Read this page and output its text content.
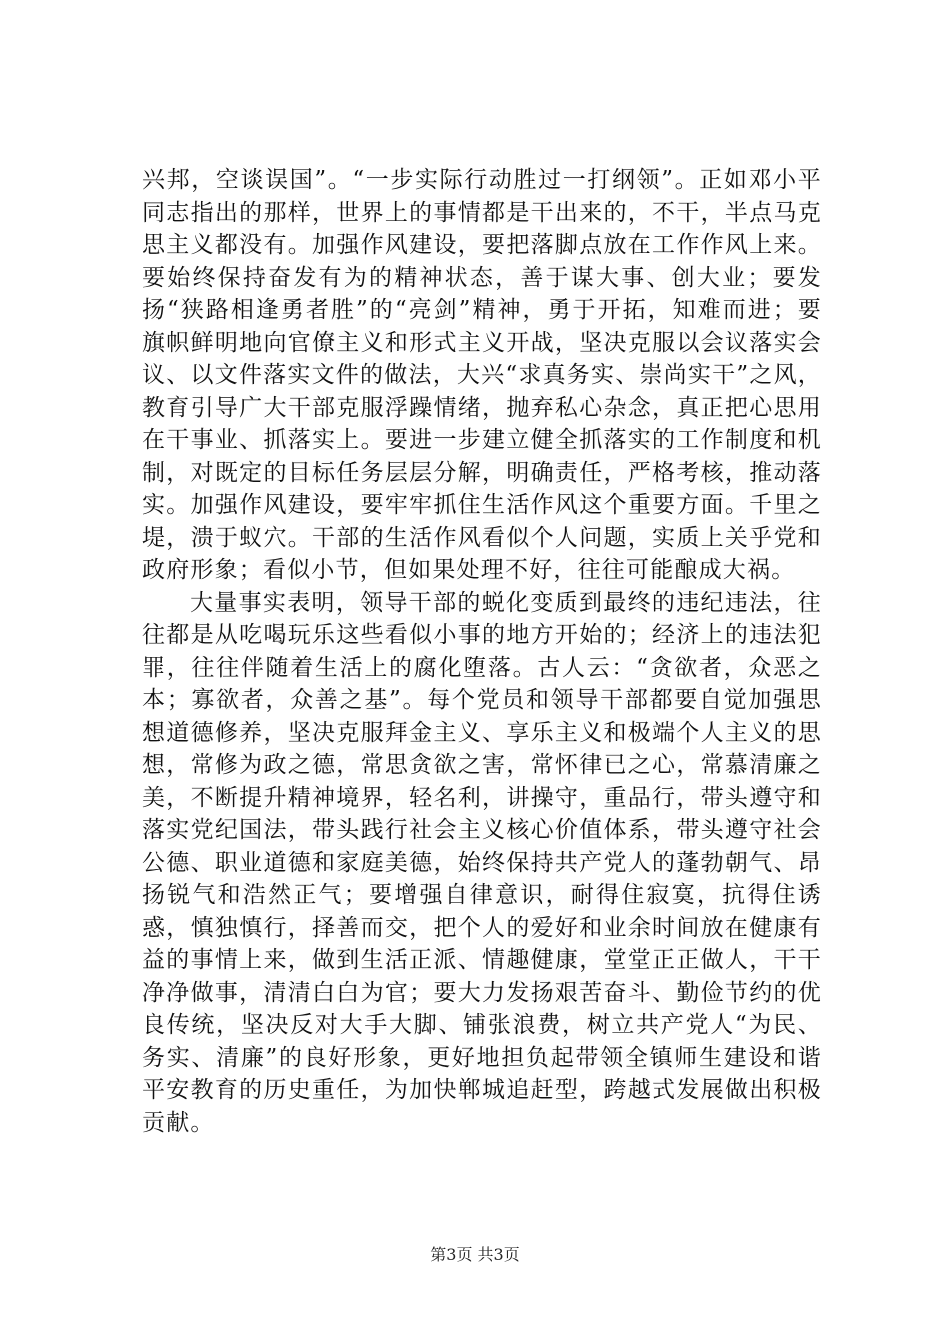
兴邦，空谈误国”。“一步实际行动胜过一打纲领”。正如邓小平同志指出的那样，世界上的事情都是干出来的，不干，半点马克思主义都没有。加强作风建设，要把落脚点放在工作作风上来。要始终保持奋发有为的精神状态，善于谋大事、创大业；要发扬“狭路相逢勇者胜”的“亮剑”精神，勇于开拓，知难而进；要旗帜鲜明地向官僚主义和形式主义开战，坚决克服以会议落实会议、以文件落实文件的做法，大兴“求真务实、崇尚实干”之风，教育引导广大干部克服浮躁情绪，抛弃私心杂念，真正把心思用在干事业、抓落实上。要进一步建立健全抓落实的工作制度和机制，对既定的目标任务层层分解，明确责任，严格考核，推动落实。加强作风建设，要牢牢抓住生活作风这个重要方面。千里之堤，溃于蚁穴。干部的生活作风看似个人问题，实质上关乎党和政府形象；看似小节，但如果处理不好，往往可能酿成大祸。

大量事实表明，领导干部的蜕化变质到最终的违纪违法，往往都是从吃喝玩乐这些看似小事的地方开始的；经济上的违法犯罪，往往伴随着生活上的腐化堕落。古人云：“贪欲者，众恶之本；寡欲者，众善之基”。每个党员和领导干部都要自觉加强思想道德修养，坚决克服拜金主义、享乐主义和极端个人主义的思想，常修为政之德，常思贪欲之害，常怀律已之心，常慕清廉之美，不断提升精神境界，轻名利，讲操守，重品行，带头遵守和落实党纪国法，带头践行社会主义核心价值体系，带头遵守社会公德、职业道德和家庭美德，始终保持共产党人的蓬勃朝气、昂扬锐气和浩然正气；要增强自律意识，耐得住寂寞，抗得住诱惑，慎独慎行，择善而交，把个人的爱好和业余时间放在健康有益的事情上来，做到生活正派、情趣健康，堂堂正正做人，干干净净做事，清清白白为官；要大力发扬艰苦奋斗、勤俭节约的优良传统，坚决反对大手大脚、铺张浪费，树立共产党人“为民、务实、清廉”的良好形象，更好地担负起带领全镇师生建设和谐平安教育的历史重任，为加快郸城追赶型，跨越式发展做出积极贡献。

第3页 共3页
